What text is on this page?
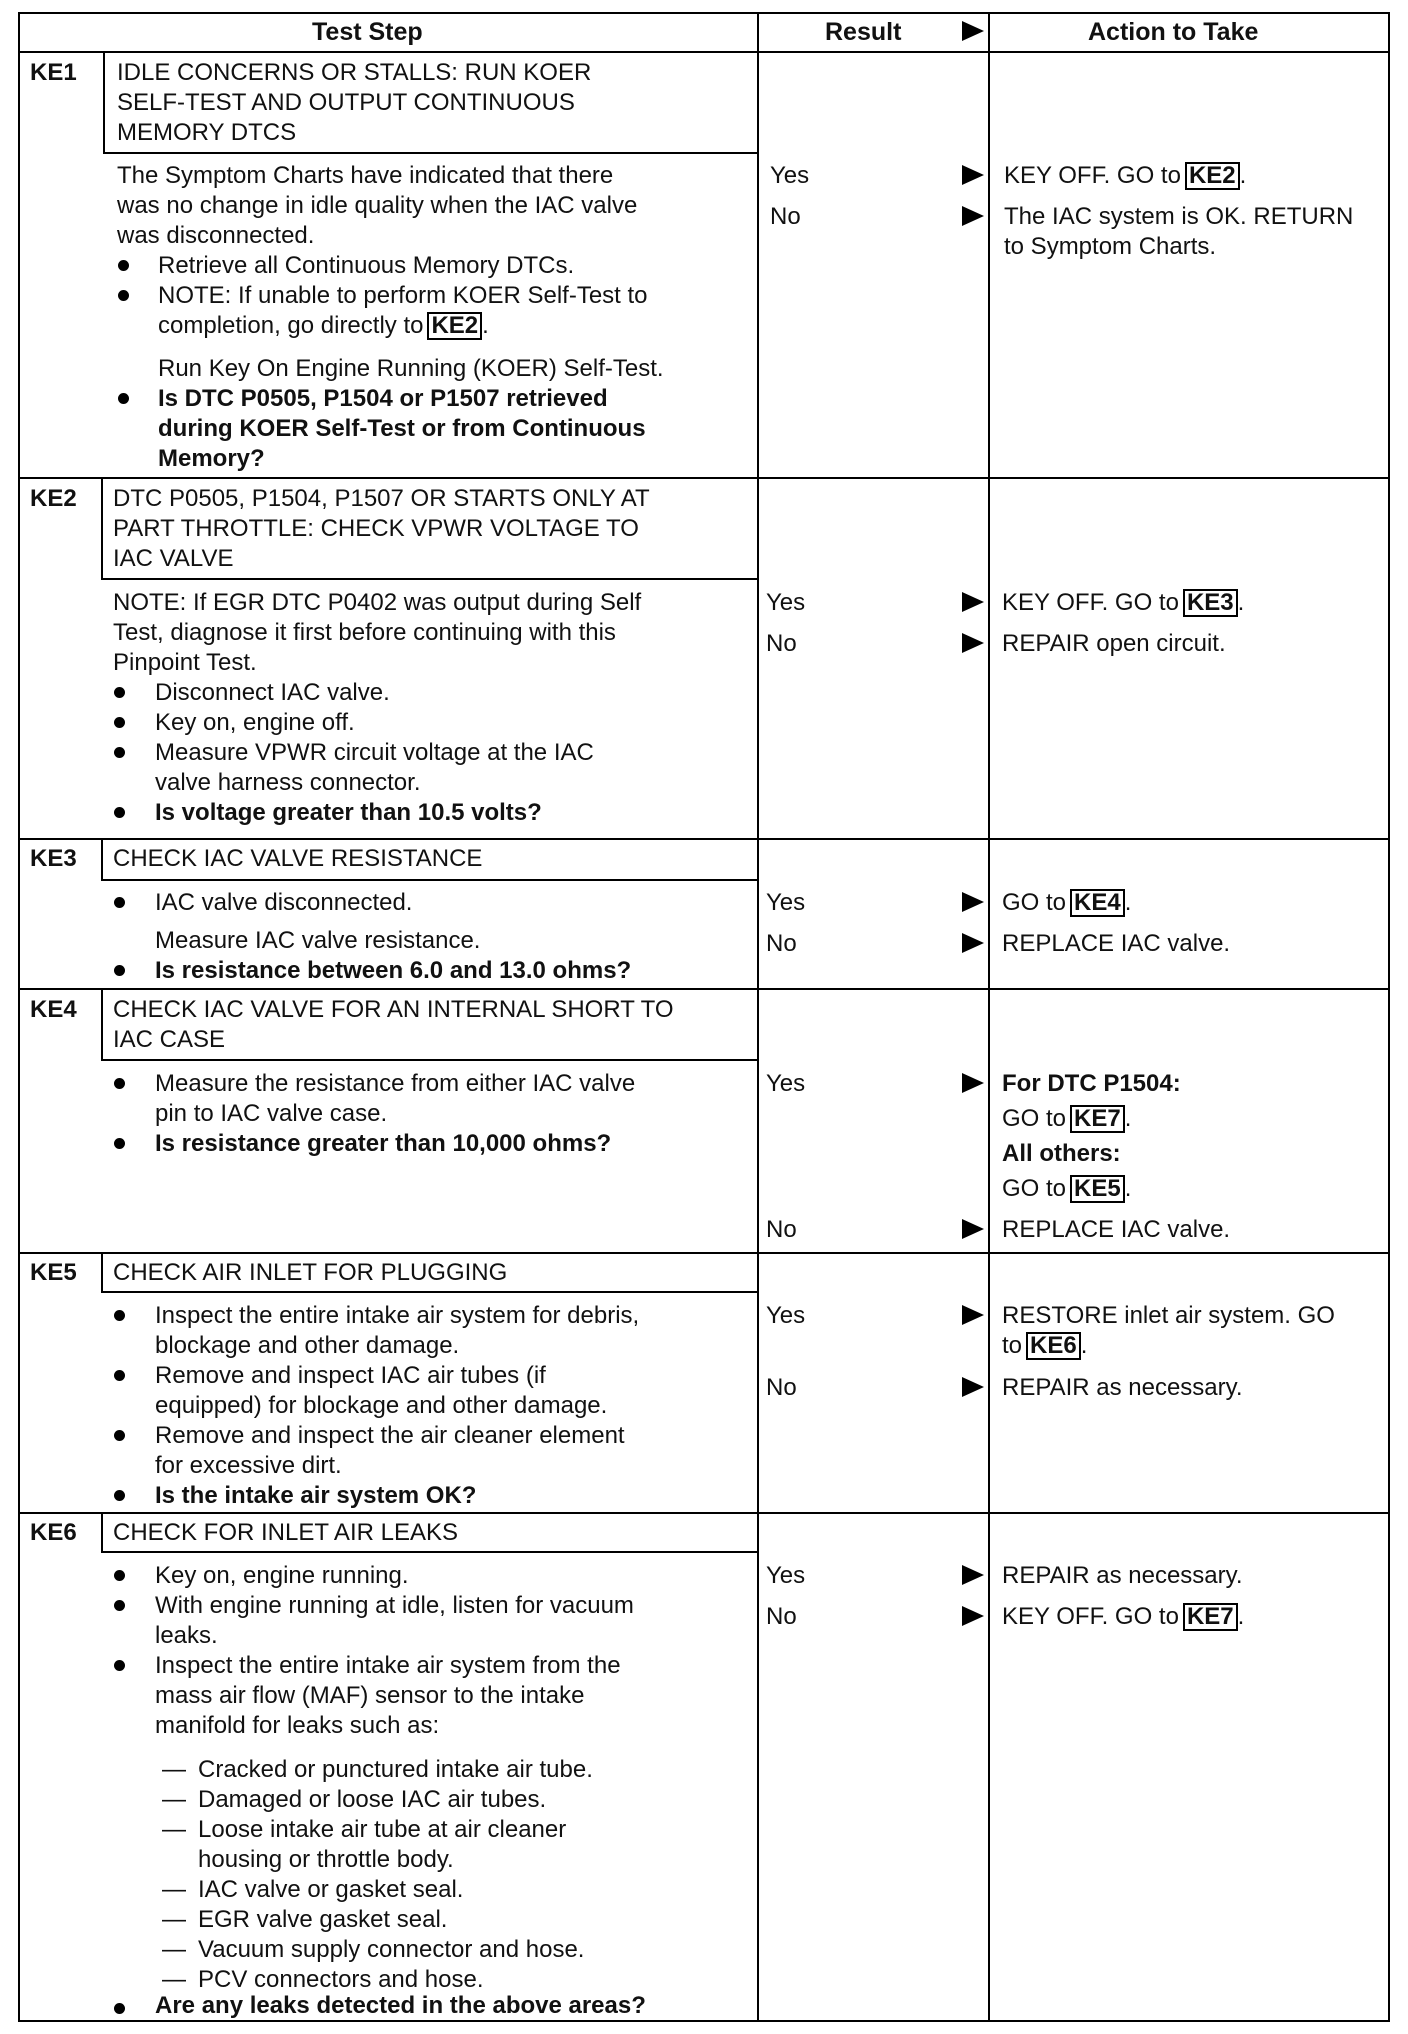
Test Step	Result	Action to Take
KE1 IDLE CONCERNS OR STALLS: RUN KOER
SELF-TEST AND OUTPUT CONTINUOUS
MEMORY DTCS
The Symptom Charts have indicated that there
was no change in idle quality when the IAC valve
was disconnected.
Retrieve all Continuous Memory DTCs.
NOTE: If unable to perform KOER Self-Test to
completion, go directly to KE2 .
Run Key On Engine Running (KOER) Self-Test.
Is DTC P0505, P1504 or P1507 retrieved
during KOER Self-Test or from Continuous
Memory?
Yes
No
KEY OFF. GO to KE2 .
The IAC system is OK. RETURN
to Symptom Charts.
KE2 DTC P0505, P1504, P1507 OR STARTS ONLY AT
PART THROTTLE: CHECK VPWR VOLTAGE TO
IAC VALVE
NOTE: If EGR DTC P0402 was output during Self
Test, diagnose it first before continuing with this
Pinpoint Test.
Disconnect IAC valve.
Key on, engine off.
Measure VPWR circuit voltage at the IAC
valve harness connector.
Is voltage greater than 10.5 volts?
Yes
No
KEY OFF. GO to KE3 .
REPAIR open circuit.
KE3 CHECK IAC VALVE RESISTANCE
IAC valve disconnected.
Measure IAC valve resistance.
Is resistance between 6.0 and 13.0 ohms?
Yes
No
GO to KE4 .
REPLACE IAC valve.
KE4 CHECK IAC VALVE FOR AN INTERNAL SHORT TO
IAC CASE
Measure the resistance from either IAC valve
pin to IAC valve case.
Is resistance greater than 10,000 ohms?
Yes
No
For DTC P1504:
GO to KE7 .
All others:
GO to KE5 .
REPLACE IAC valve.
KE5 CHECK AIR INLET FOR PLUGGING
Inspect the entire intake air system for debris,
blockage and other damage.
Remove and inspect IAC air tubes (if
equipped) for blockage and other damage.
Remove and inspect the air cleaner element
for excessive dirt.
Is the intake air system OK?
Yes
No
RESTORE inlet air system. GO
to KE6 .
REPAIR as necessary.
KE6 CHECK FOR INLET AIR LEAKS
Key on, engine running.
With engine running at idle, listen for vacuum
leaks.
Inspect the entire intake air system from the
mass air flow (MAF) sensor to the intake
manifold for leaks such as:
— Cracked or punctured intake air tube.
— Damaged or loose IAC air tubes.
— Loose intake air tube at air cleaner
housing or throttle body.
— IAC valve or gasket seal.
— EGR valve gasket seal.
— Vacuum supply connector and hose.
— PCV connectors and hose.
Are any leaks detected in the above areas?
Yes
No
REPAIR as necessary.
KEY OFF. GO to KE7 .
